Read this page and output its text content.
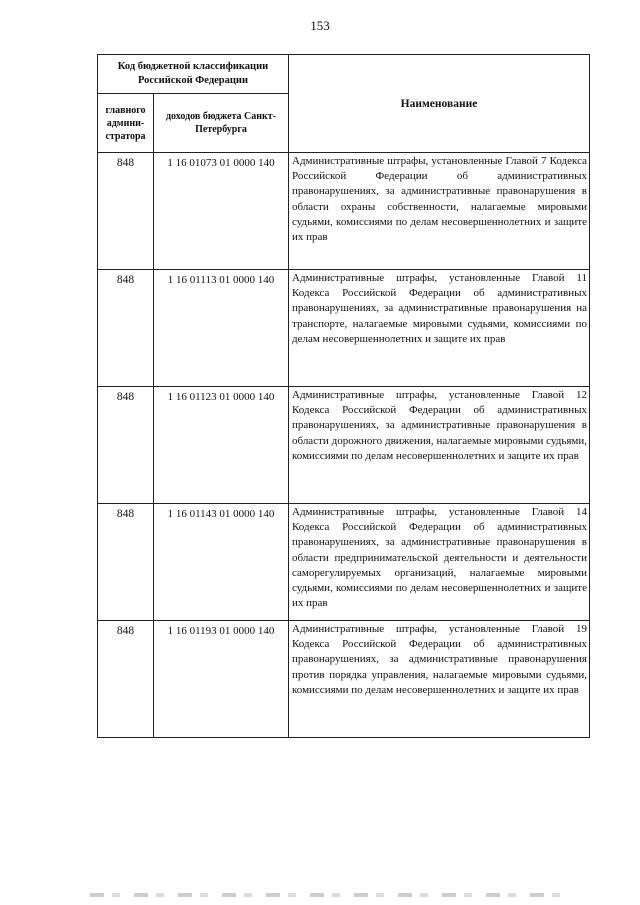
153
Код бюджетной классификации Российской Федерации		Наименование
главного админи-стратора	доходов бюджета Санкт-Петербурга	
848	1 16 01073 01 0000 140	Административные штрафы, установленные Главой 7 Кодекса Российской Федерации об административных правонарушениях, за административные правонарушения в области охраны собственности, налагаемые мировыми судьями, комиссиями по делам несовершеннолетних и защите их прав
848	1 16 01113 01 0000 140	Административные штрафы, установленные Главой 11 Кодекса Российской Федерации об административных правонарушениях, за административные правонарушения на транспорте, налагаемые мировыми судьями, комиссиями по делам несовершеннолетних и защите их прав
848	1 16 01123 01 0000 140	Административные штрафы, установленные Главой 12 Кодекса Российской Федерации об административных правонарушениях, за административные правонарушения в области дорожного движения, налагаемые мировыми судьями, комиссиями по делам несовершеннолетних и защите их прав
848	1 16 01143 01 0000 140	Административные штрафы, установленные Главой 14 Кодекса Российской Федерации об административных правонарушениях, за административные правонарушения в области предпринимательской деятельности и деятельности саморегулируемых организаций, налагаемые мировыми судьями, комиссиями по делам несовершеннолетних и защите их прав
848	1 16 01193 01 0000 140	Административные штрафы, установленные Главой 19 Кодекса Российской Федерации об административных правонарушениях, за административные правонарушения против порядка управления, налагаемые мировыми судьями, комиссиями по делам несовершеннолетних и защите их прав
